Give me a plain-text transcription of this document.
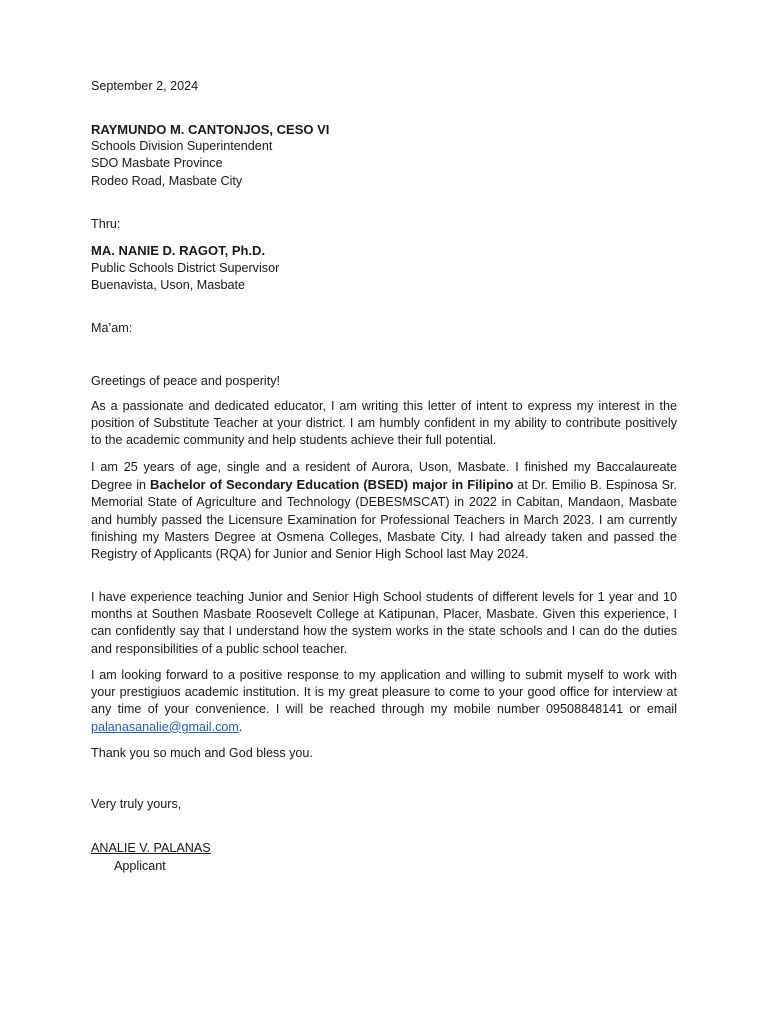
September 2, 2024

RAYMUNDO M. CANTONJOS, CESO VI

Schools Division Superintendent

SDO Masbate Province

Rodeo Road, Masbate City

Thru:

MA. NANIE D. RAGOT, Ph.D.

Public Schools District Supervisor

Buenavista, Uson, Masbate

Ma’am:

Greetings of peace and posperity!

As a passionate and dedicated educator, I am writing this letter of intent to express my interest in the position of Substitute Teacher at your district. I am humbly confident in my ability to contribute positively to the academic community and help students achieve their full potential.

I am 25 years of age, single and a resident of Aurora, Uson, Masbate. I finished my Baccalaureate Degree in Bachelor of Secondary Education (BSED) major in Filipino at Dr. Emilio B. Espinosa Sr. Memorial State of Agriculture and Technology (DEBESMSCAT) in 2022 in Cabitan, Mandaon, Masbate and humbly passed the Licensure Examination for Professional Teachers in March 2023. I am currently finishing my Masters Degree at Osmena Colleges, Masbate City. I had already taken and passed the Registry of Applicants (RQA) for Junior and Senior High School last May 2024.

I have experience teaching Junior and Senior High School students of different levels for 1 year and 10 months at Southen Masbate Roosevelt College at Katipunan, Placer, Masbate. Given this experience, I can confidently say that I understand how the system works in the state schools and I can do the duties and responsibilities of a public school teacher.

I am looking forward to a positive response to my application and willing to submit myself to work with your prestigiuos academic institution. It is my great pleasure to come to your good office for interview at any time of your convenience. I will be reached through my mobile number 09508848141 or email palanasanalie@gmail.com.

Thank you so much and God bless you.

Very truly yours,

ANALIE V. PALANAS

Applicant
